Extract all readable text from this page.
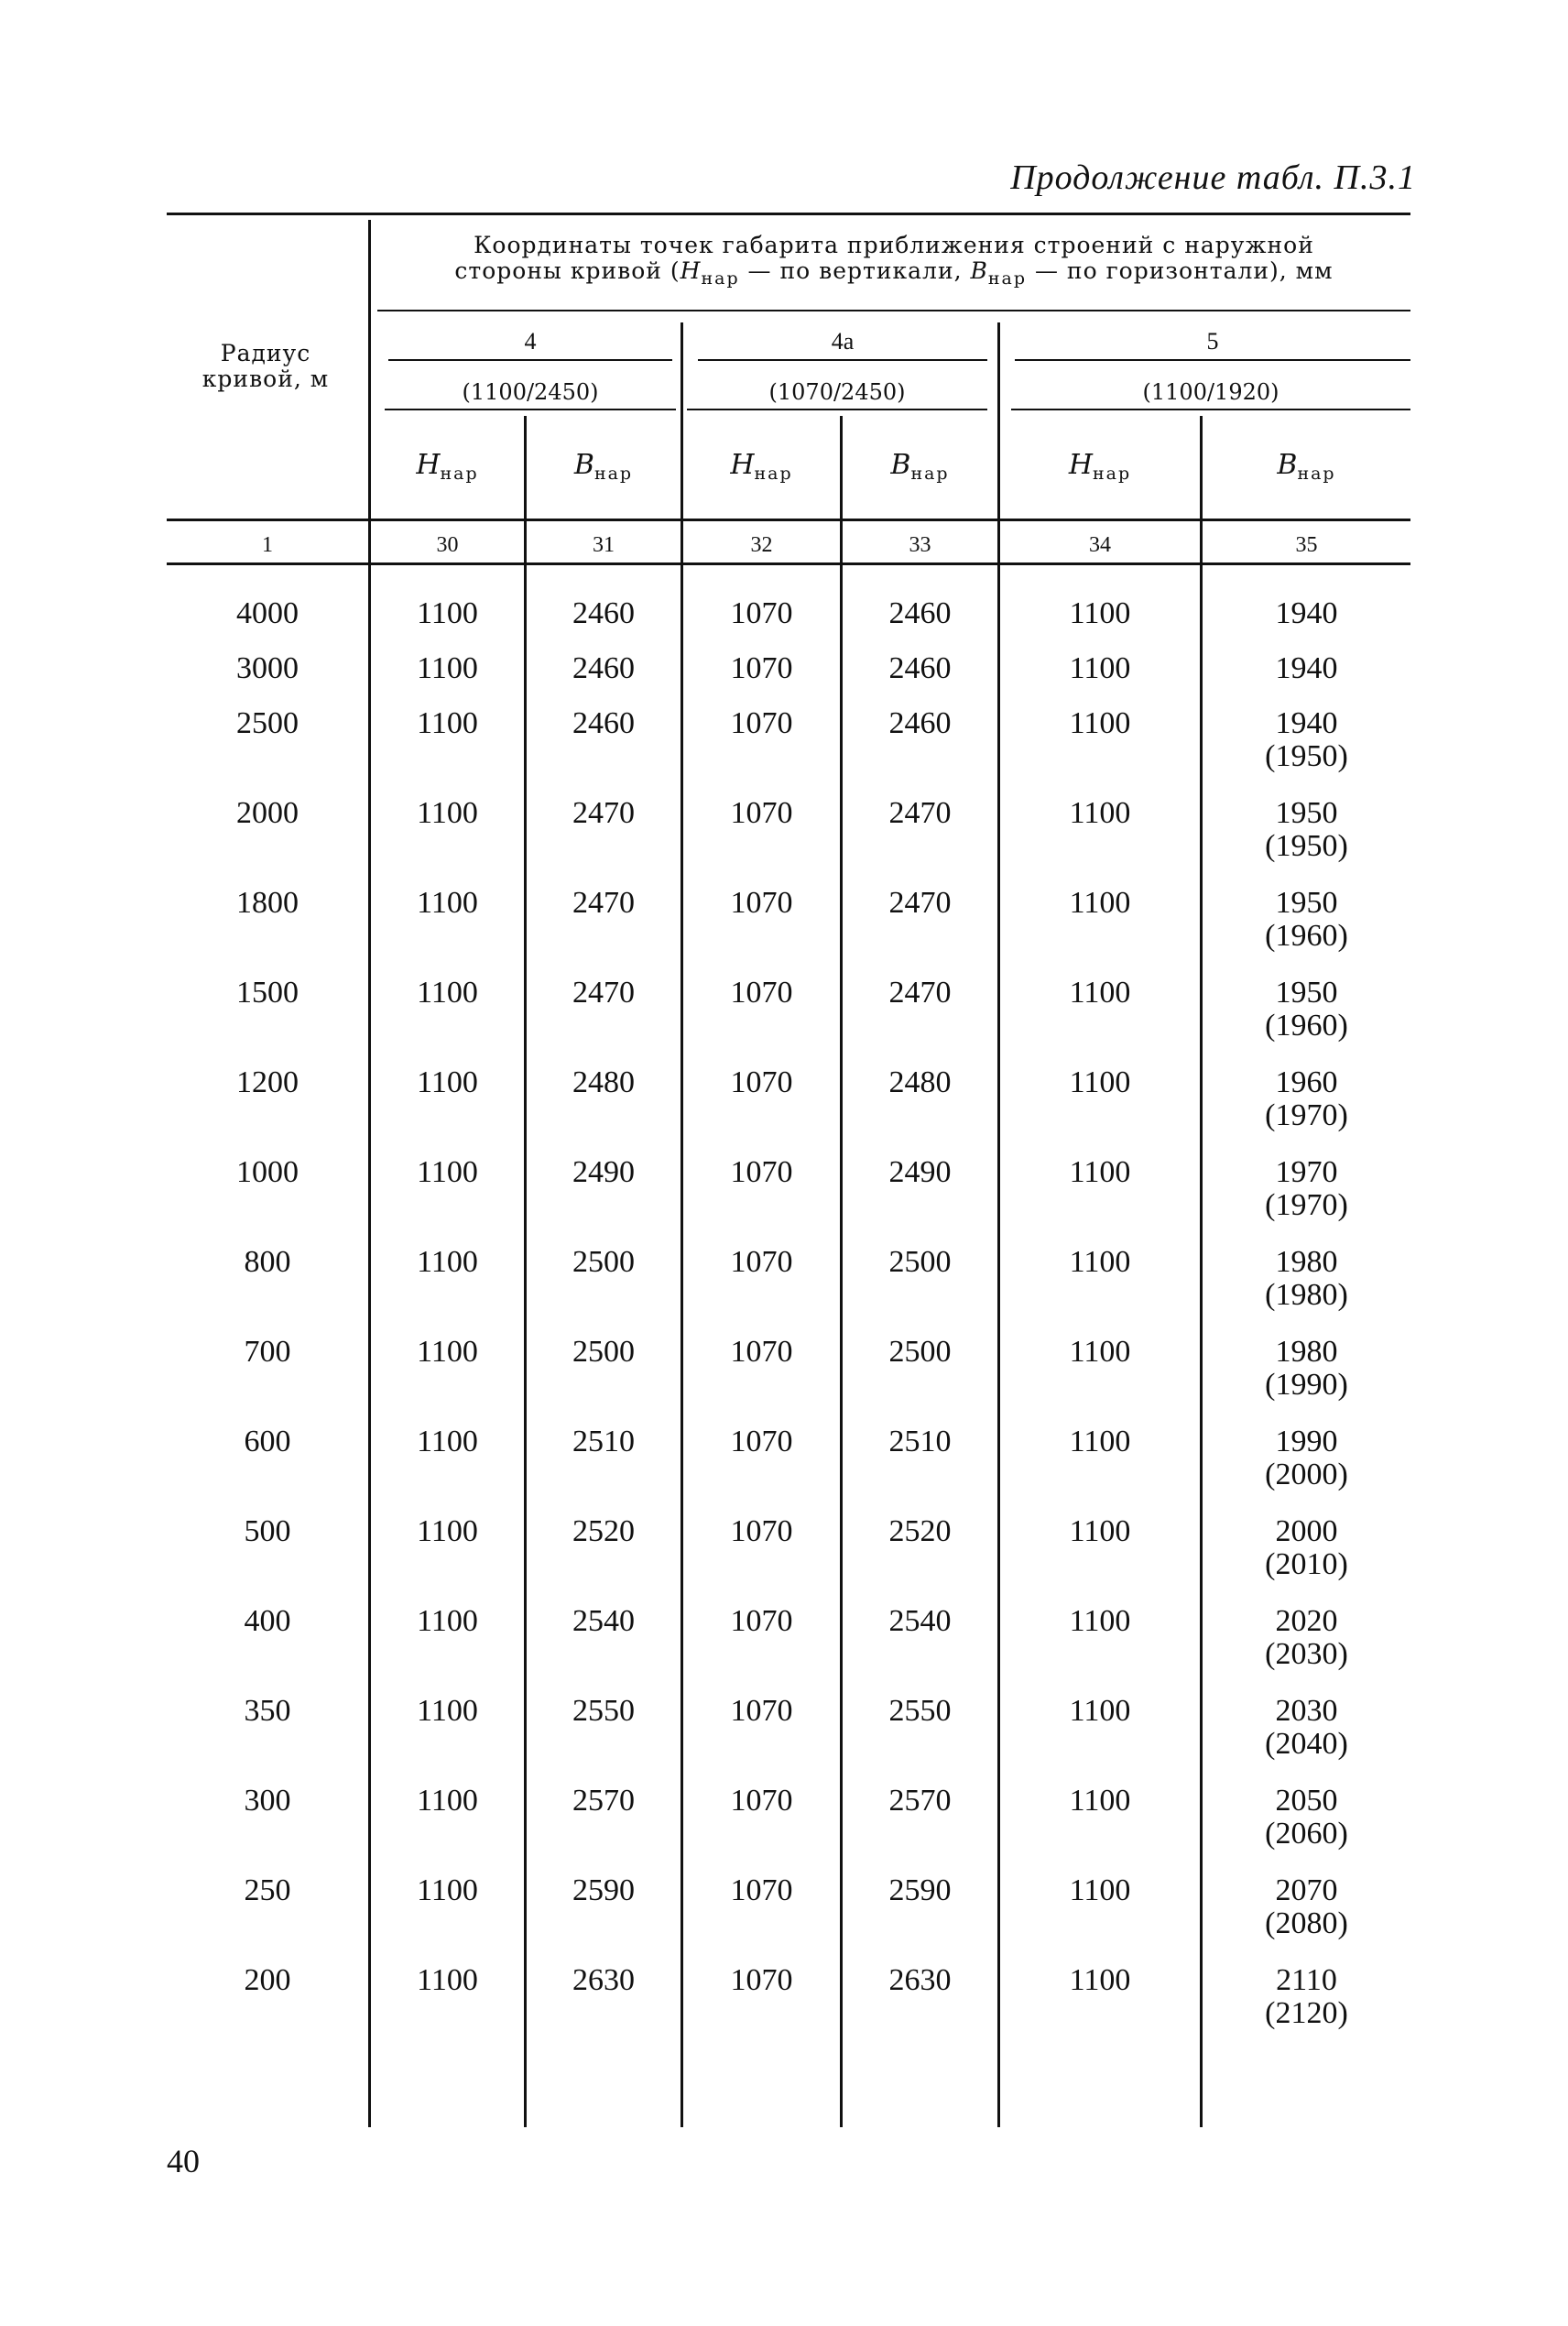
Продолжение табл. П.3.1
Координаты точек габарита приближения строений с наружной
стороны кривой ($H_{нар}$ — по вертикали, $B_{нар}$ — по горизонтали), мм
Радиус
кривой, м
4	4а	5
(1100/2450)	(1070/2450)	(1100/1920)
$H_{нар}$	$B_{нар}$	$H_{нар}$	$B_{нар}$	$H_{нар}$	$B_{нар}$
1	30	31	32	33	34	35
4000	1100	2460	1070	2460	1100	1940
3000	1100	2460	1070	2460	1100	1940
2500	1100	2460	1070	2460	1100	1940
(1950)
2000	1100	2470	1070	2470	1100	1950
(1950)
1800	1100	2470	1070	2470	1100	1950
(1960)
1500	1100	2470	1070	2470	1100	1950
(1960)
1200	1100	2480	1070	2480	1100	1960
(1970)
1000	1100	2490	1070	2490	1100	1970
(1970)
800	1100	2500	1070	2500	1100	1980
(1980)
700	1100	2500	1070	2500	1100	1980
(1990)
600	1100	2510	1070	2510	1100	1990
(2000)
500	1100	2520	1070	2520	1100	2000
(2010)
400	1100	2540	1070	2540	1100	2020
(2030)
350	1100	2550	1070	2550	1100	2030
(2040)
300	1100	2570	1070	2570	1100	2050
(2060)
250	1100	2590	1070	2590	1100	2070
(2080)
200	1100	2630	1070	2630	1100	2110
(2120)
40
